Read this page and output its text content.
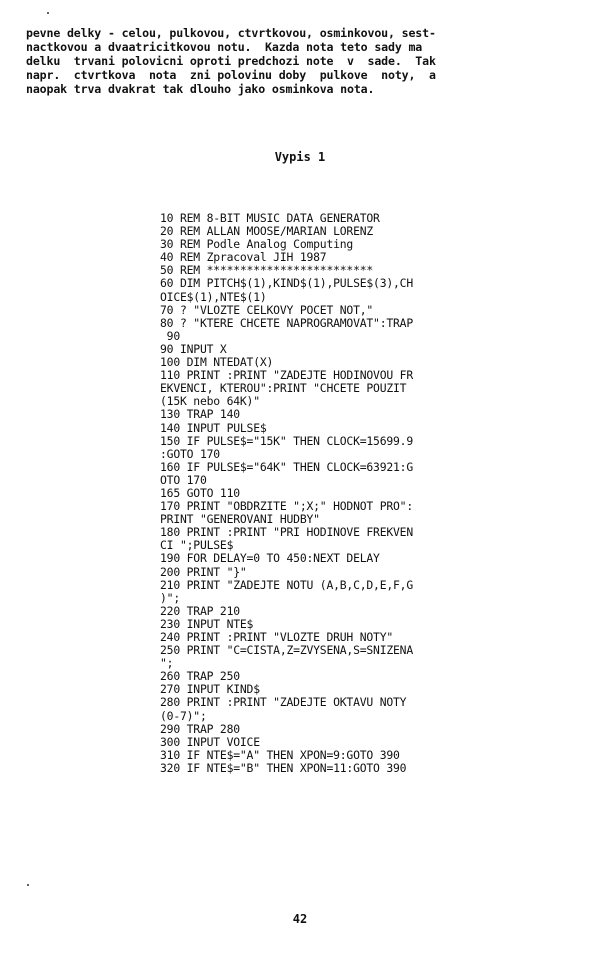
pevne delky - celou, pulkovou, ctvrtkovou, osminkovou, sest-
nactkovou a dvaatricitkovou notu.  Kazda nota teto sady ma
delku  trvani polovicni oproti predchozi note  v  sade.  Tak
napr.  ctvrtkova  nota  zni polovinu doby  pulkove  noty,  a
naopak trva dvakrat tak dlouho jako osminkova nota.
Vypis 1
10 REM 8-BIT MUSIC DATA GENERATOR
20 REM ALLAN MOOSE/MARIAN LORENZ
30 REM Podle Analog Computing
40 REM Zpracoval JIH 1987
50 REM *************************
60 DIM PITCH$(1),KIND$(1),PULSE$(3),CH
OICE$(1),NTE$(1)
70 ? "VLOZTE CELKOVY POCET NOT,"
80 ? "KTERE CHCETE NAPROGRAMOVAT":TRAP
90
90 INPUT X
100 DIM NTEDAT(X)
110 PRINT :PRINT "ZADEJTE HODINOVOU FR
EKVENCI, KTEROU":PRINT "CHCETE POUZIT
(15K nebo 64K)"
130 TRAP 140
140 INPUT PULSE$
150 IF PULSE$="15K" THEN CLOCK=15699.9
:GOTO 170
160 IF PULSE$="64K" THEN CLOCK=63921:G
OTO 170
165 GOTO 110
170 PRINT "OBDRZITE ";X;" HODNOT PRO":
PRINT "GENEROVANI HUDBY"
180 PRINT :PRINT "PRI HODINOVE FREKVEN
CI ";PULSE$
190 FOR DELAY=0 TO 450:NEXT DELAY
200 PRINT "}"
210 PRINT "ZADEJTE NOTU (A,B,C,D,E,F,G
)";
220 TRAP 210
230 INPUT NTE$
240 PRINT :PRINT "VLOZTE DRUH NOTY"
250 PRINT "C=CISTA,Z=ZVYSENA,S=SNIZENA
";
260 TRAP 250
270 INPUT KIND$
280 PRINT :PRINT "ZADEJTE OKTAVU NOTY
(0-7)";
290 TRAP 280
300 INPUT VOICE
310 IF NTE$="A" THEN XPON=9:GOTO 390
320 IF NTE$="B" THEN XPON=11:GOTO 390
42
